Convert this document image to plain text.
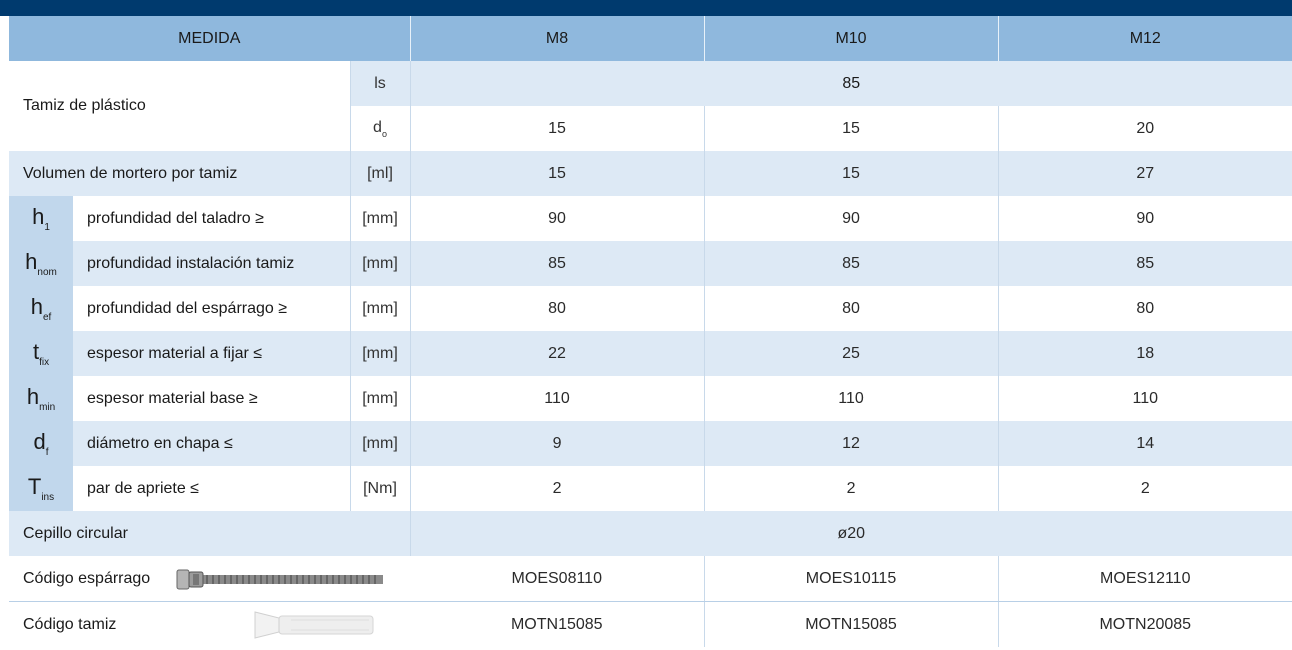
MEDIDA			M8	M10	M12
Tamiz de plástico		ls	85		
		$d_o$	15	15	20
Volumen de mortero por tamiz		[ml]	15	15	27
$h_1$	profundidad del taladro ≥	[mm]	90	90	90
$h_{nom}$	profundidad instalación tamiz	[mm]	85	85	85
$h_{ef}$	profundidad del espárrago ≥	[mm]	80	80	80
$t_{fix}$	espesor material a fijar ≤	[mm]	22	25	18
$h_{min}$	espesor material base ≥	[mm]	110	110	110
$d_f$	diámetro en chapa ≤	[mm]	9	12	14
$T_{ins}$	par de apriete ≤	[Nm]	2	2	2
Cepillo circular			ø20		
Código espárrago			MOES08110	MOES10115	MOES12110
Código tamiz			MOTN15085	MOTN15085	MOTN20085
